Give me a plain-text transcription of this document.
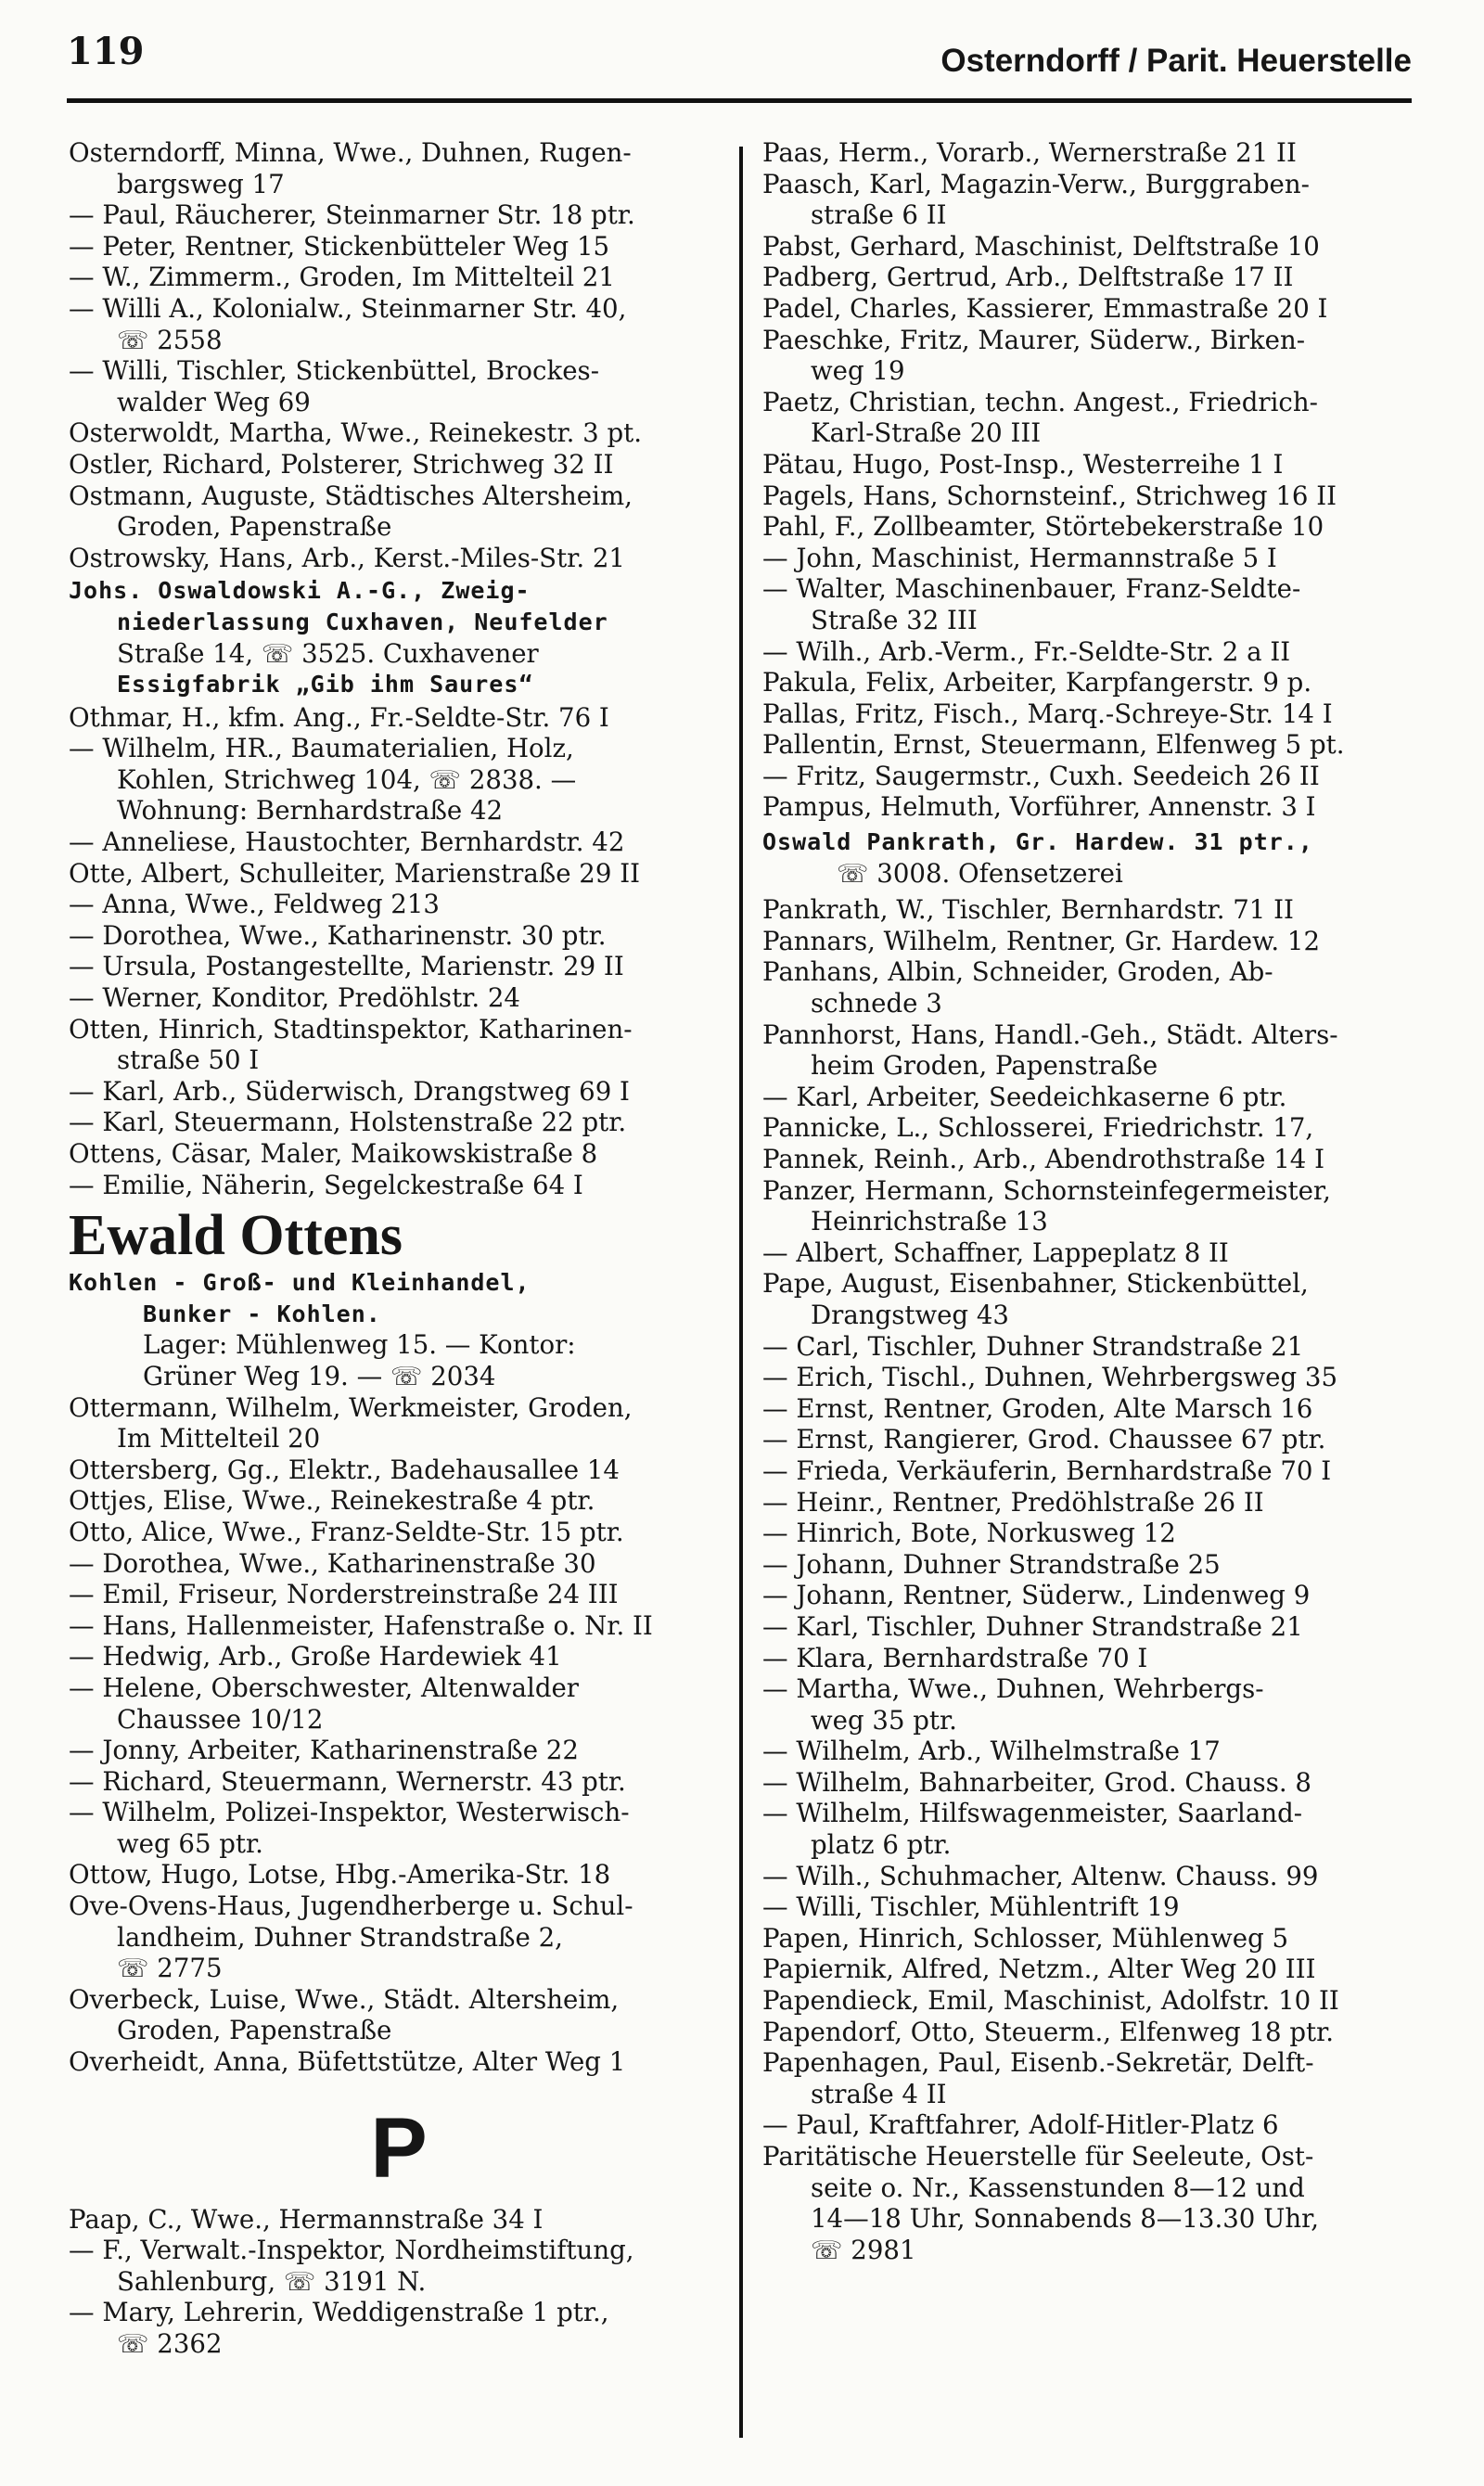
119	Osterndorff / Parit. Heuerstelle
Osterndorff, Minna, Wwe., Duhnen, Rugen-
bargsweg 17
— Paul, Räucherer, Steinmarner Str. 18 ptr.
— Peter, Rentner, Stickenbütteler Weg 15
— W., Zimmerm., Groden, Im Mittelteil 21
— Willi A., Kolonialw., Steinmarner Str. 40,
☏ 2558
— Willi, Tischler, Stickenbüttel, Brockes-
walder Weg 69
Osterwoldt, Martha, Wwe., Reinekestr. 3 pt.
Ostler, Richard, Polsterer, Strichweg 32 II
Ostmann, Auguste, Städtisches Altersheim,
Groden, Papenstraße
Ostrowsky, Hans, Arb., Kerst.-Miles-Str. 21
Johs. Oswaldowski A.-G., Zweig-
niederlassung Cuxhaven, Neufelder
Straße 14, ☏ 3525. Cuxhavener
Essigfabrik „Gib ihm Saures“
Othmar, H., kfm. Ang., Fr.-Seldte-Str. 76 I
— Wilhelm, HR., Baumaterialien, Holz,
Kohlen, Strichweg 104, ☏ 2838. —
Wohnung: Bernhardstraße 42
— Anneliese, Haustochter, Bernhardstr. 42
Otte, Albert, Schulleiter, Marienstraße 29 II
— Anna, Wwe., Feldweg 213
— Dorothea, Wwe., Katharinenstr. 30 ptr.
— Ursula, Postangestellte, Marienstr. 29 II
— Werner, Konditor, Predöhlstr. 24
Otten, Hinrich, Stadtinspektor, Katharinen-
straße 50 I
— Karl, Arb., Süderwisch, Drangstweg 69 I
— Karl, Steuermann, Holstenstraße 22 ptr.
Ottens, Cäsar, Maler, Maikowskistraße 8
— Emilie, Näherin, Segelckestraße 64 I
Ewald Ottens
Kohlen - Groß- und Kleinhandel,
Bunker - Kohlen.
Lager: Mühlenweg 15. — Kontor:
Grüner Weg 19. — ☏ 2034
Ottermann, Wilhelm, Werkmeister, Groden,
Im Mittelteil 20
Ottersberg, Gg., Elektr., Badehausallee 14
Ottjes, Elise, Wwe., Reinekestraße 4 ptr.
Otto, Alice, Wwe., Franz-Seldte-Str. 15 ptr.
— Dorothea, Wwe., Katharinenstraße 30
— Emil, Friseur, Norderstreinstraße 24 III
— Hans, Hallenmeister, Hafenstraße o. Nr. II
— Hedwig, Arb., Große Hardewiek 41
— Helene, Oberschwester, Altenwalder
Chaussee 10/12
— Jonny, Arbeiter, Katharinenstraße 22
— Richard, Steuermann, Wernerstr. 43 ptr.
— Wilhelm, Polizei-Inspektor, Westerwisch-
weg 65 ptr.
Ottow, Hugo, Lotse, Hbg.-Amerika-Str. 18
Ove-Ovens-Haus, Jugendherberge u. Schul-
landheim, Duhner Strandstraße 2,
☏ 2775
Overbeck, Luise, Wwe., Städt. Altersheim,
Groden, Papenstraße
Overheidt, Anna, Büfettstütze, Alter Weg 1
P
Paap, C., Wwe., Hermannstraße 34 I
— F., Verwalt.-Inspektor, Nordheimstiftung,
Sahlenburg, ☏ 3191 N.
— Mary, Lehrerin, Weddigenstraße 1 ptr.,
☏ 2362
Paas, Herm., Vorarb., Wernerstraße 21 II
Paasch, Karl, Magazin-Verw., Burggraben-
straße 6 II
Pabst, Gerhard, Maschinist, Delftstraße 10
Padberg, Gertrud, Arb., Delftstraße 17 II
Padel, Charles, Kassierer, Emmastraße 20 I
Paeschke, Fritz, Maurer, Süderw., Birken-
weg 19
Paetz, Christian, techn. Angest., Friedrich-
Karl-Straße 20 III
Pätau, Hugo, Post-Insp., Westerreihe 1 I
Pagels, Hans, Schornsteinf., Strichweg 16 II
Pahl, F., Zollbeamter, Störtebekerstraße 10
— John, Maschinist, Hermannstraße 5 I
— Walter, Maschinenbauer, Franz-Seldte-
Straße 32 III
— Wilh., Arb.-Verm., Fr.-Seldte-Str. 2 a II
Pakula, Felix, Arbeiter, Karpfangerstr. 9 p.
Pallas, Fritz, Fisch., Marq.-Schreye-Str. 14 I
Pallentin, Ernst, Steuermann, Elfenweg 5 pt.
— Fritz, Saugermstr., Cuxh. Seedeich 26 II
Pampus, Helmuth, Vorführer, Annenstr. 3 I
Oswald Pankrath, Gr. Hardew. 31 ptr.,
☏ 3008. Ofensetzerei
Pankrath, W., Tischler, Bernhardstr. 71 II
Pannars, Wilhelm, Rentner, Gr. Hardew. 12
Panhans, Albin, Schneider, Groden, Ab-
schnede 3
Pannhorst, Hans, Handl.-Geh., Städt. Alters-
heim Groden, Papenstraße
— Karl, Arbeiter, Seedeichkaserne 6 ptr.
Pannicke, L., Schlosserei, Friedrichstr. 17,
Pannek, Reinh., Arb., Abendrothstraße 14 I
Panzer, Hermann, Schornsteinfegermeister,
Heinrichstraße 13
— Albert, Schaffner, Lappeplatz 8 II
Pape, August, Eisenbahner, Stickenbüttel,
Drangstweg 43
— Carl, Tischler, Duhner Strandstraße 21
— Erich, Tischl., Duhnen, Wehrbergsweg 35
— Ernst, Rentner, Groden, Alte Marsch 16
— Ernst, Rangierer, Grod. Chaussee 67 ptr.
— Frieda, Verkäuferin, Bernhardstraße 70 I
— Heinr., Rentner, Predöhlstraße 26 II
— Hinrich, Bote, Norkusweg 12
— Johann, Duhner Strandstraße 25
— Johann, Rentner, Süderw., Lindenweg 9
— Karl, Tischler, Duhner Strandstraße 21
— Klara, Bernhardstraße 70 I
— Martha, Wwe., Duhnen, Wehrbergs-
weg 35 ptr.
— Wilhelm, Arb., Wilhelmstraße 17
— Wilhelm, Bahnarbeiter, Grod. Chauss. 8
— Wilhelm, Hilfswagenmeister, Saarland-
platz 6 ptr.
— Wilh., Schuhmacher, Altenw. Chauss. 99
— Willi, Tischler, Mühlentrift 19
Papen, Hinrich, Schlosser, Mühlenweg 5
Papiernik, Alfred, Netzm., Alter Weg 20 III
Papendieck, Emil, Maschinist, Adolfstr. 10 II
Papendorf, Otto, Steuerm., Elfenweg 18 ptr.
Papenhagen, Paul, Eisenb.-Sekretär, Delft-
straße 4 II
— Paul, Kraftfahrer, Adolf-Hitler-Platz 6
Paritätische Heuerstelle für Seeleute, Ost-
seite o. Nr., Kassenstunden 8—12 und
14—18 Uhr, Sonnabends 8—13.30 Uhr,
☏ 2981
